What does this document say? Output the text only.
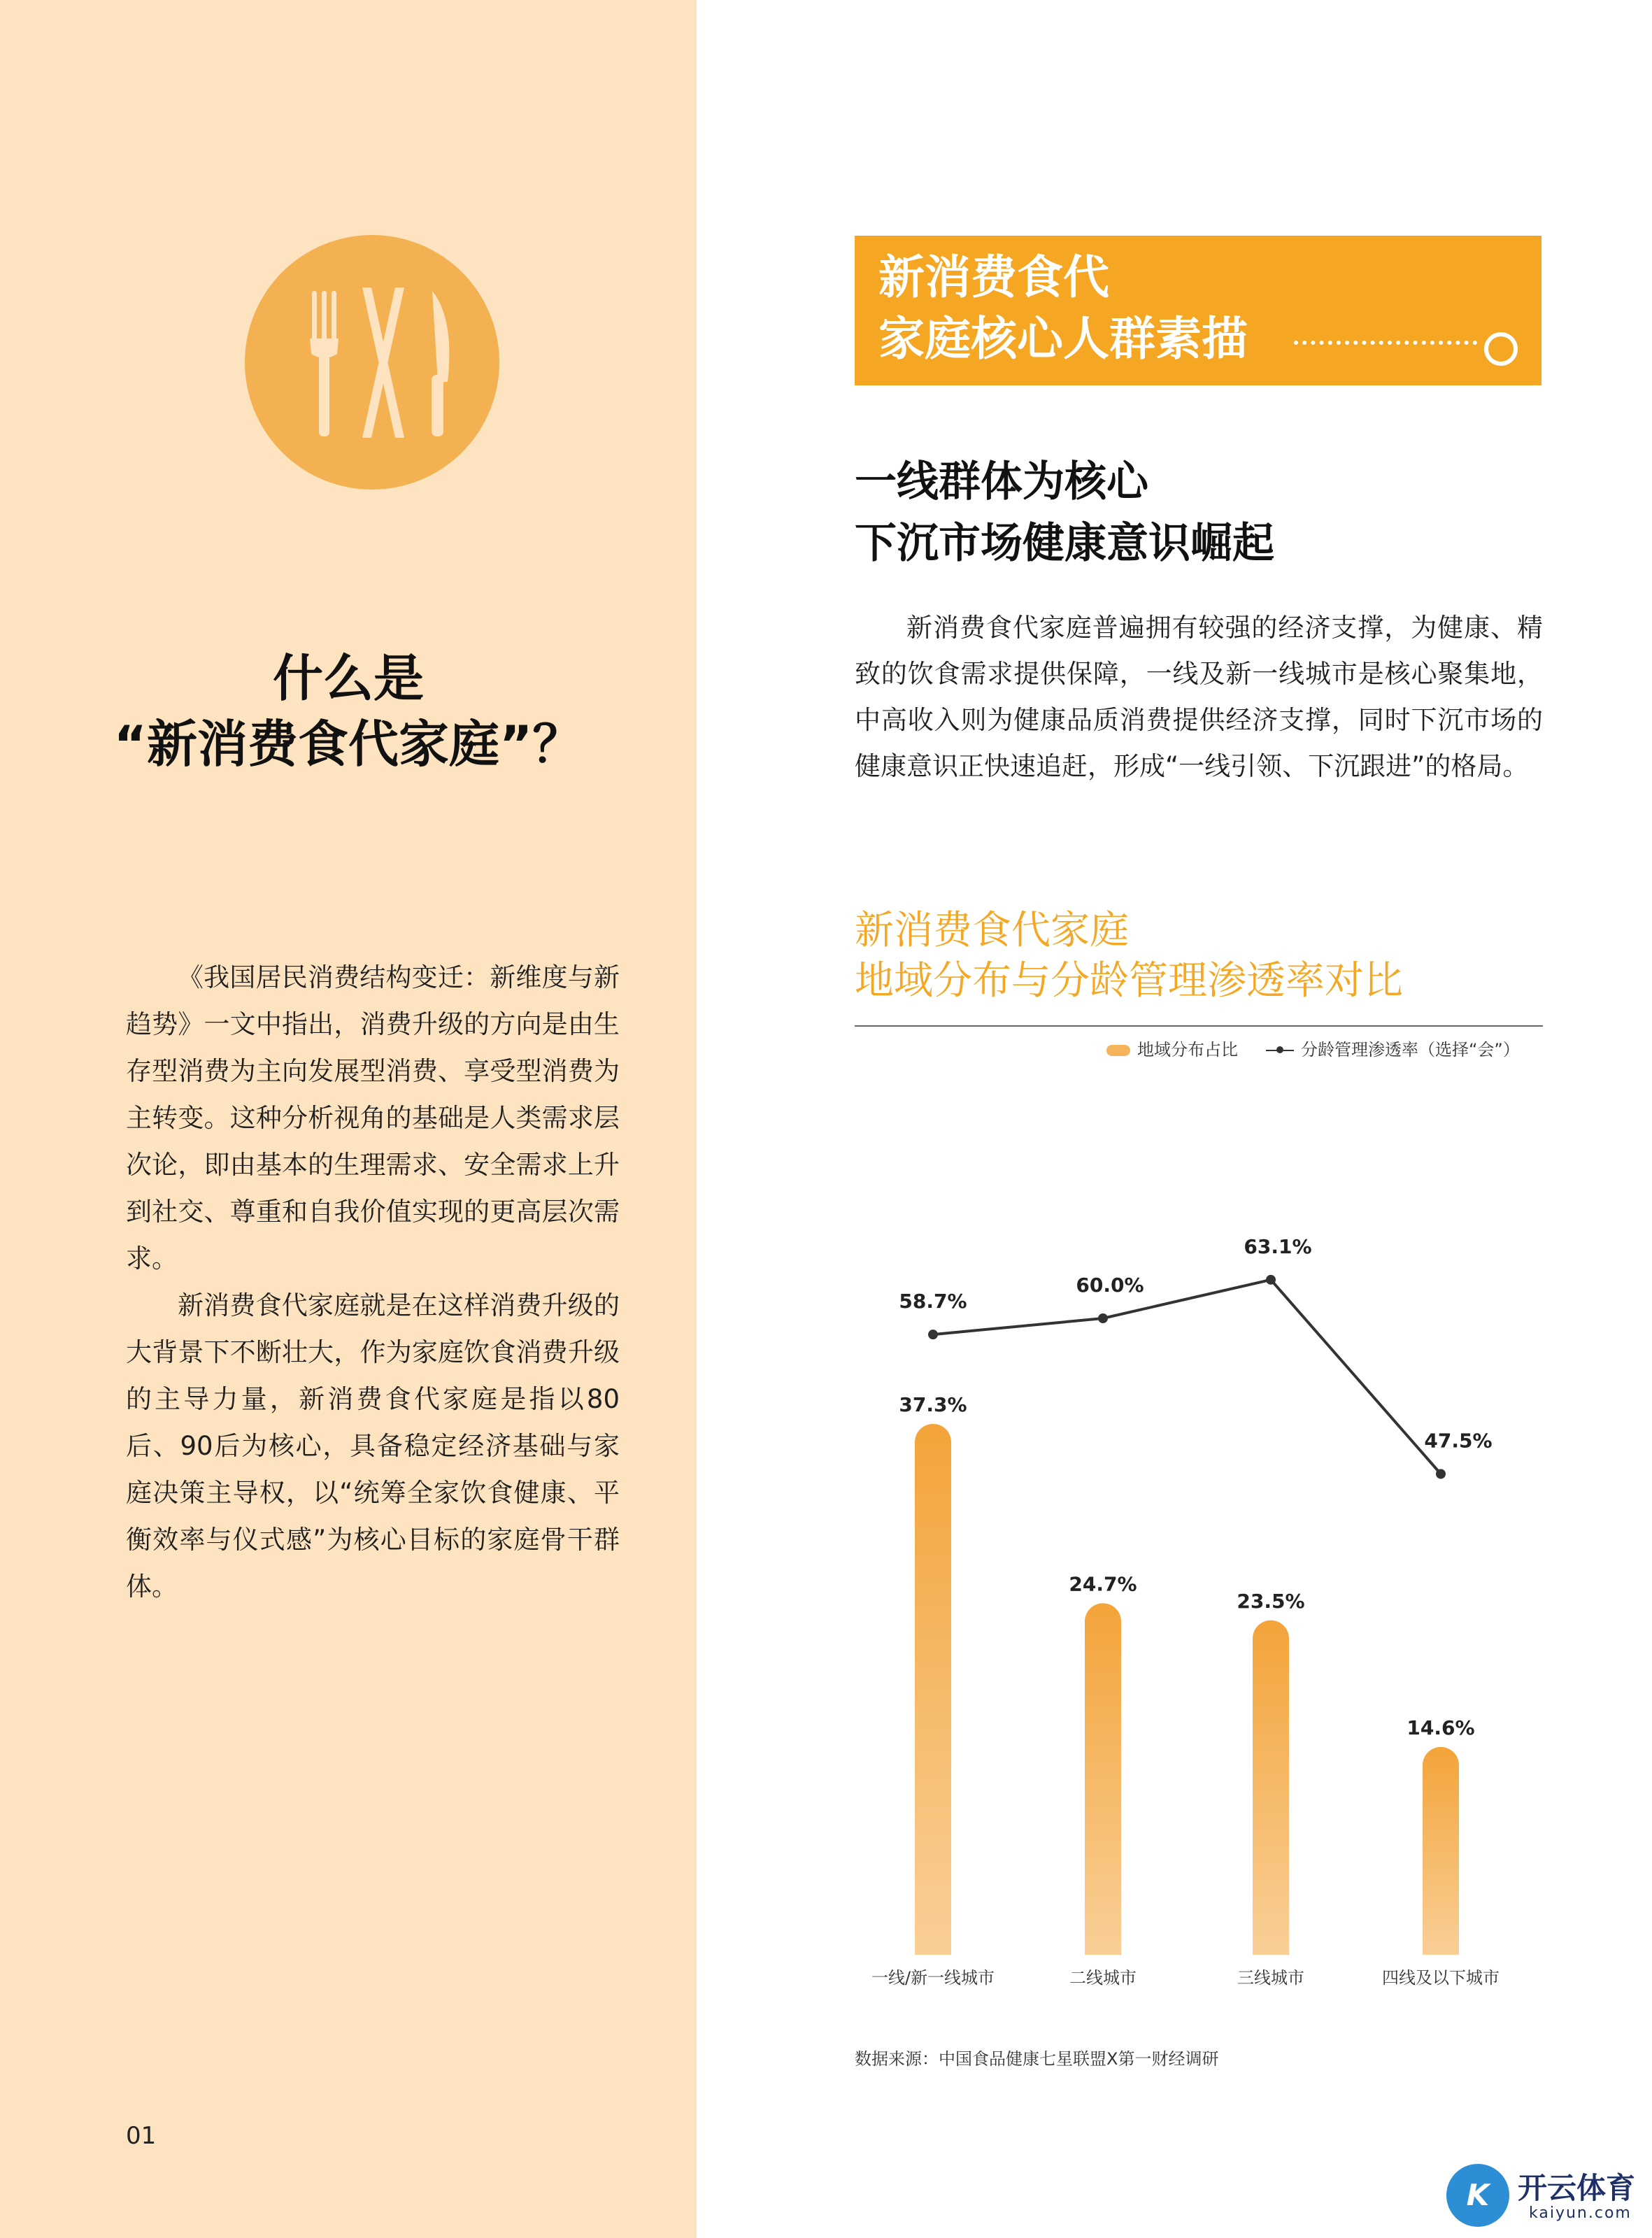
什么是
“新消费食代家庭”？

《我国居民消费结构变迁：新维度与新趋势》一文中指出，消费升级的方向是由生存型消费为主向发展型消费、享受型消费为主转变。这种分析视角的基础是人类需求层次论，即由基本的生理需求、安全需求上升到社交、尊重和自我价值实现的更高层次需求。

新消费食代家庭就是在这样消费升级的大背景下不断壮大，作为家庭饮食消费升级的主导力量，新消费食代家庭是指以80后、90后为核心，具备稳定经济基础与家庭决策主导权，以“统筹全家饮食健康、平衡效率与仪式感”为核心目标的家庭骨干群体。

01
新消费食代
家庭核心人群素描
一线群体为核心
下沉市场健康意识崛起

新消费食代家庭普遍拥有较强的经济支撑，为健康、精致的饮食需求提供保障，一线及新一线城市是核心聚集地，中高收入则为健康品质消费提供经济支撑，同时下沉市场的健康意识正快速追赶，形成“一线引领、下沉跟进”的格局。

新消费食代家庭
地域分布与分龄管理渗透率对比
地域分布占比	分龄管理渗透率（选择“会”）
37.3%
一线/新一线城市
24.7%
二线城市
23.5%
三线城市
14.6%
四线及以下城市
58.7%
60.0%
63.1%
47.5%
数据来源：中国食品健康七星联盟X第一财经调研
K 开云体育
kaiyun.com
